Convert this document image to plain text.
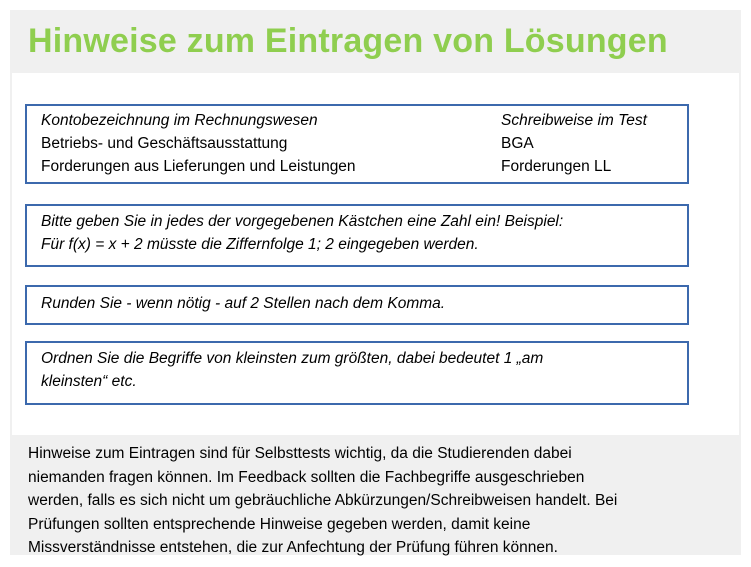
Hinweise zum Eintragen von Lösungen
Kontobezeichnung im Rechnungswesen	Schreibweise im Test
Betriebs- und Geschäftsausstattung	BGA
Forderungen aus Lieferungen und Leistungen	Forderungen LL
Bitte geben Sie in jedes der vorgegebenen Kästchen eine Zahl ein! Beispiel:
Für f(x) = x + 2 müsste die Ziffernfolge 1; 2 eingegeben werden.
Runden Sie - wenn nötig - auf 2 Stellen nach dem Komma.
Ordnen Sie die Begriffe von kleinsten zum größten, dabei bedeutet 1 „am
kleinsten“ etc.
Hinweise zum Eintragen sind für Selbsttests wichtig, da die Studierenden dabei
niemanden fragen können. Im Feedback sollten die Fachbegriffe ausgeschrieben
werden, falls es sich nicht um gebräuchliche Abkürzungen/Schreibweisen handelt. Bei
Prüfungen sollten entsprechende Hinweise gegeben werden, damit keine
Missverständnisse entstehen, die zur Anfechtung der Prüfung führen können.
